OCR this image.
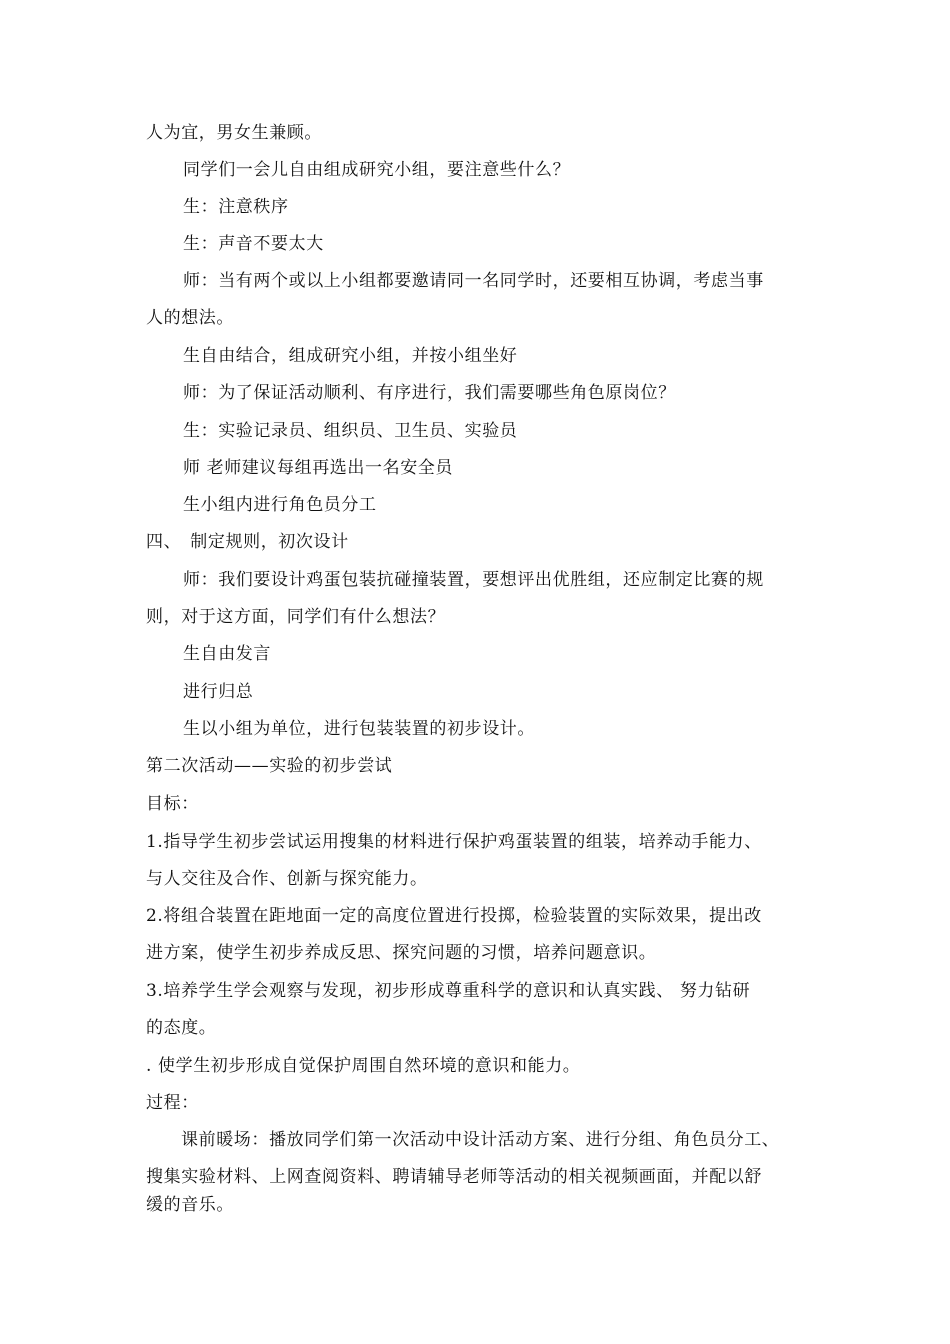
人为宜，男女生兼顾。
同学们一会儿自由组成研究小组，要注意些什么？
生：注意秩序
生：声音不要太大
师：当有两个或以上小组都要邀请同一名同学时，还要相互协调，考虑当事
人的想法。
生自由结合，组成研究小组，并按小组坐好
师：为了保证活动顺利、有序进行，我们需要哪些角色原岗位？
生：实验记录员、组织员、卫生员、实验员
师 老师建议每组再选出一名安全员
生小组内进行角色员分工
四、　制定规则，初次设计
师：我们要设计鸡蛋包装抗碰撞装置，要想评出优胜组，还应制定比赛的规
则，对于这方面，同学们有什么想法？
生自由发言
进行归总
生以小组为单位，进行包装装置的初步设计。
第二次活动——实验的初步尝试
目标：
1.指导学生初步尝试运用搜集的材料进行保护鸡蛋装置的组装，培养动手能力、
与人交往及合作、创新与探究能力。
2.将组合装置在距地面一定的高度位置进行投掷，检验装置的实际效果，提出改
进方案，使学生初步养成反思、探究问题的习惯，培养问题意识。
3.培养学生学会观察与发现，初步形成尊重科学的意识和认真实践、 努力钻研
的态度。
. 使学生初步形成自觉保护周围自然环境的意识和能力。
过程：
课前暖场：播放同学们第一次活动中设计活动方案、进行分组、角色员分工、
搜集实验材料、上网查阅资料、聘请辅导老师等活动的相关视频画面，并配以舒
缓的音乐。
